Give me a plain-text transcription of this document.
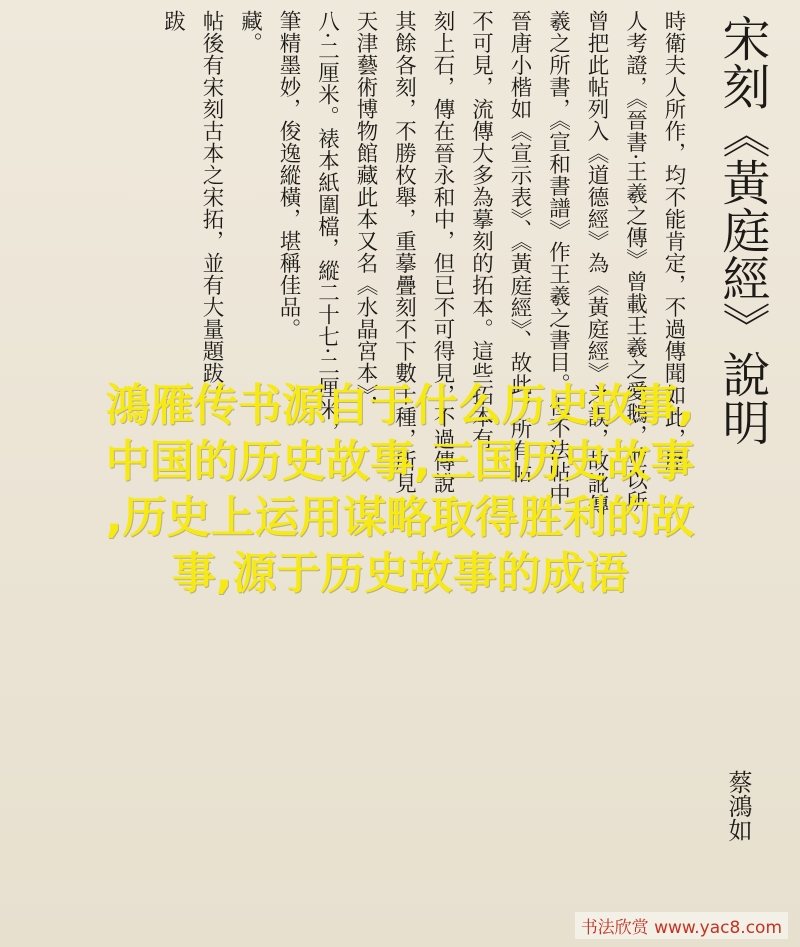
宋刻《黃庭經》說明
時衛夫人所作，均不能肯定，不過傳聞如此，歷
人考證，《晉書·王羲之傳》曾載王羲之愛鵝，並以所
曾把此帖列入《道德經》為《黃庭經》之誤，故訛傳
羲之所書，《宣和書譜》作王羲之書目。但不法帖中
晉唐小楷如《宣示表》、《黃庭經》、故此，所有帖
不可見，流傳大多為摹刻的拓本。這些拓本有
刻上石，傳在晉永和中，但已不可得見，不過傳說
其餘各刻，不勝枚舉，重摹疊刻不下數十種，所見
天津藝術博物館藏此本又名《水晶宮本》，
八·二厘米。裱本紙圍檔，縱二十七·二厘米，
筆精墨妙，俊逸縱橫，堪稱佳品。
藏。
帖後有宋刻古本之宋拓，並有大量題跋。
跋
蔡鴻如
鴻雁传书源自于什么历史故事,
中国的历史故事,三国历史故事
,历史上运用谋略取得胜利的故
事,源于历史故事的成语
书法欣赏 www.yac8.com
